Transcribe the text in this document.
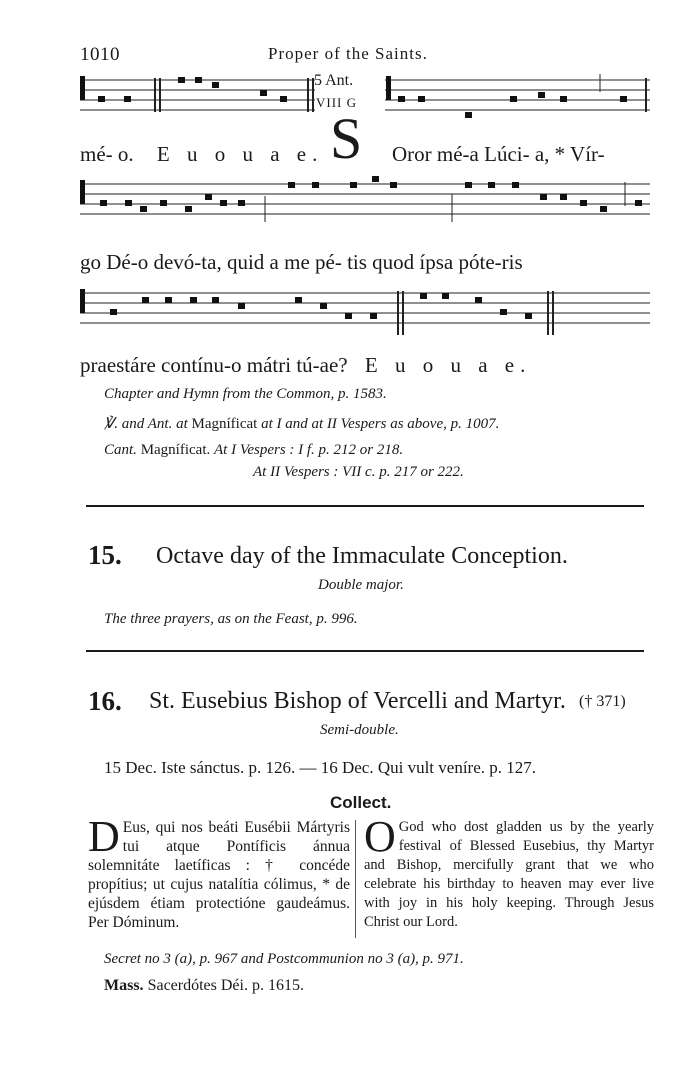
1010	Proper of the Saints.
5 Ant.
VIII G
S
mé- o. E u o u a e.	Oror mé-a Lúci- a, * Vír-
go Dé-o devó-ta, quid a me pé- tis quod ípsa póte-ris
praestáre contínu-o mátri tú-ae? E u o u a e.
Chapter and Hymn from the Common, p. 1583.
℣. and Ant. at Magníficat at I and at II Vespers as above, p. 1007.
Cant. Magníficat. At I Vespers : I f. p. 212 or 218.
At II Vespers : VII c. p. 217 or 222.
15. Octave day of the Immaculate Conception.
Double major.
The three prayers, as on the Feast, p. 996.
16. St. Eusebius Bishop of Vercelli and Martyr. († 371)
Semi-double.
15 Dec. Iste sánctus. p. 126. — 16 Dec. Qui vult veníre. p. 127.
Collect.
D Eus, qui nos beáti Eusébii Mártyris tui atque Pontíficis ánnua solemnitáte laetíficas : † concéde propítius; ut cujus natalítia cólimus, * de ejúsdem étiam protectióne gaudeámus. Per Dóminum.

O God who dost gladden us by the yearly festival of Blessed Eusebius, thy Martyr and Bishop, mercifully grant that we who celebrate his birthday to heaven may ever live with joy in his holy keeping. Through Jesus Christ our Lord.

Secret no 3 (a), p. 967 and Postcommunion no 3 (a), p. 971.
Mass. Sacerdótes Déi. p. 1615.
